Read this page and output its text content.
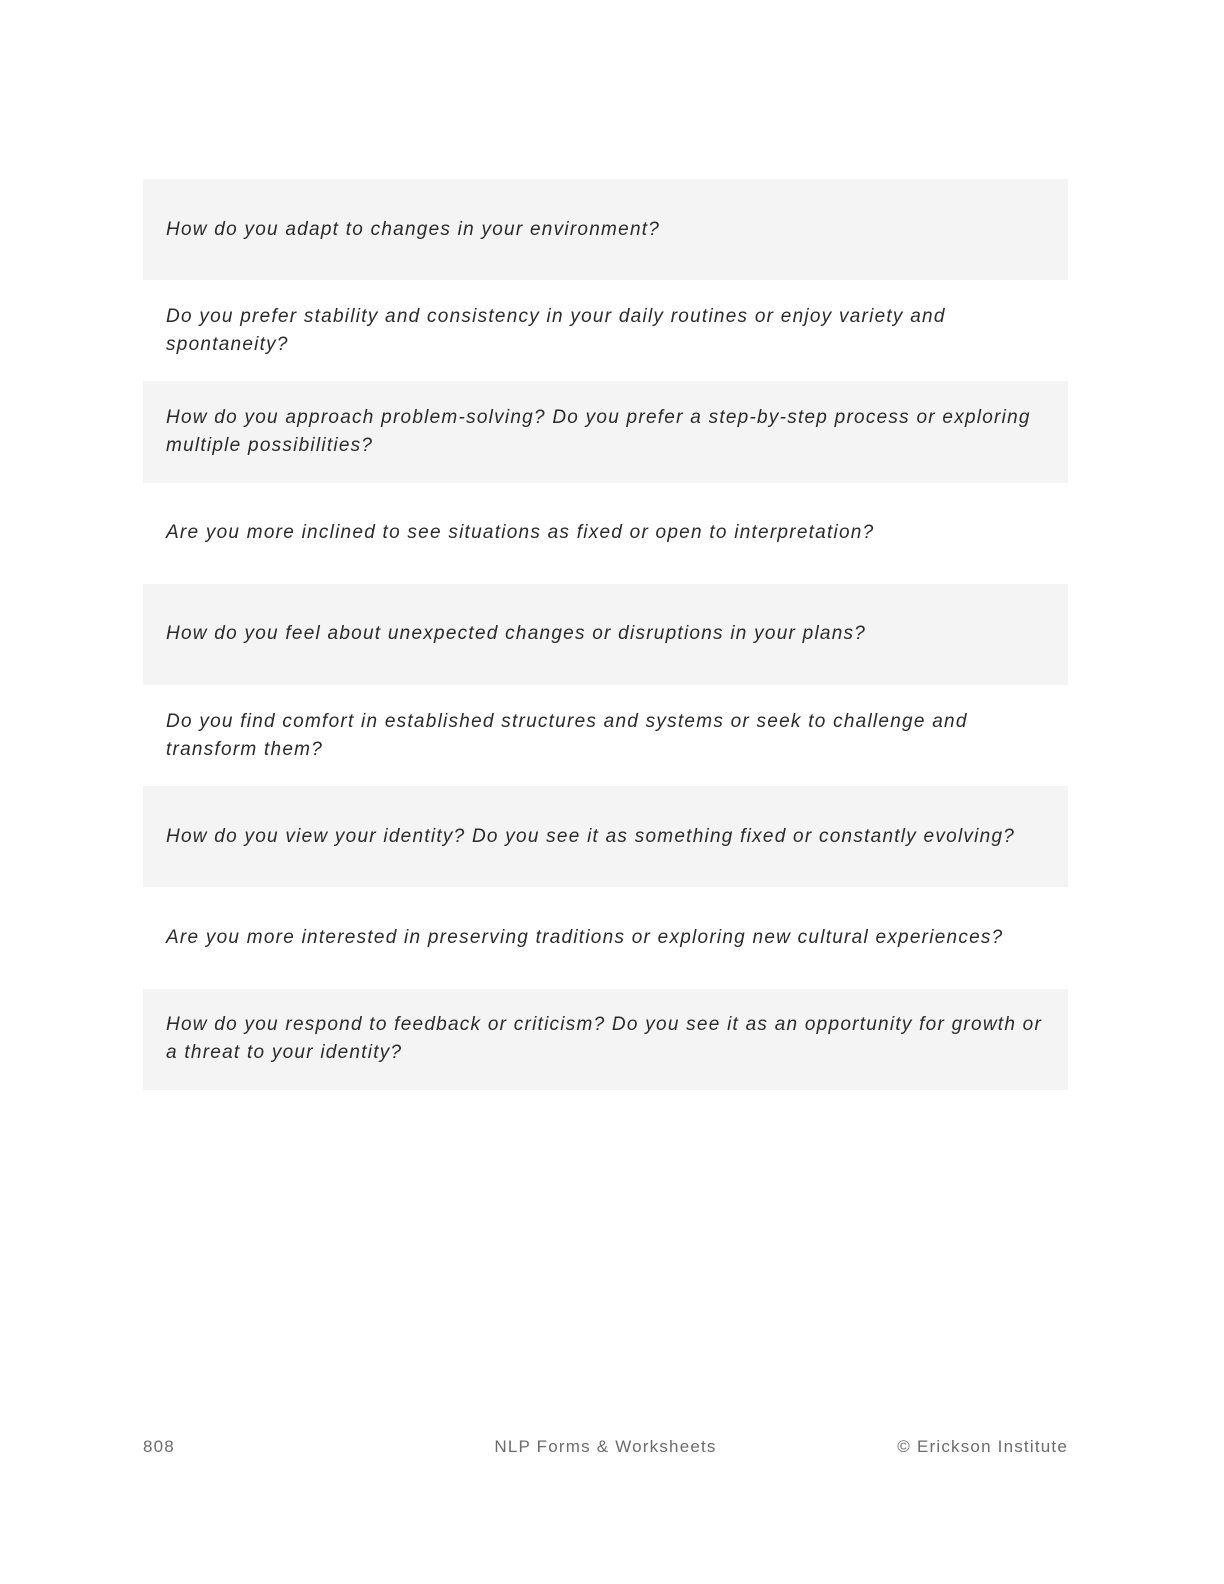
How do you adapt to changes in your environment?
Do you prefer stability and consistency in your daily routines or enjoy variety and spontaneity?
How do you approach problem-solving? Do you prefer a step-by-step process or exploring multiple possibilities?
Are you more inclined to see situations as fixed or open to interpretation?
How do you feel about unexpected changes or disruptions in your plans?
Do you find comfort in established structures and systems or seek to challenge and transform them?
How do you view your identity? Do you see it as something fixed or constantly evolving?
Are you more interested in preserving traditions or exploring new cultural experiences?
How do you respond to feedback or criticism? Do you see it as an opportunity for growth or a threat to your identity?
808	NLP Forms & Worksheets	© Erickson Institute
